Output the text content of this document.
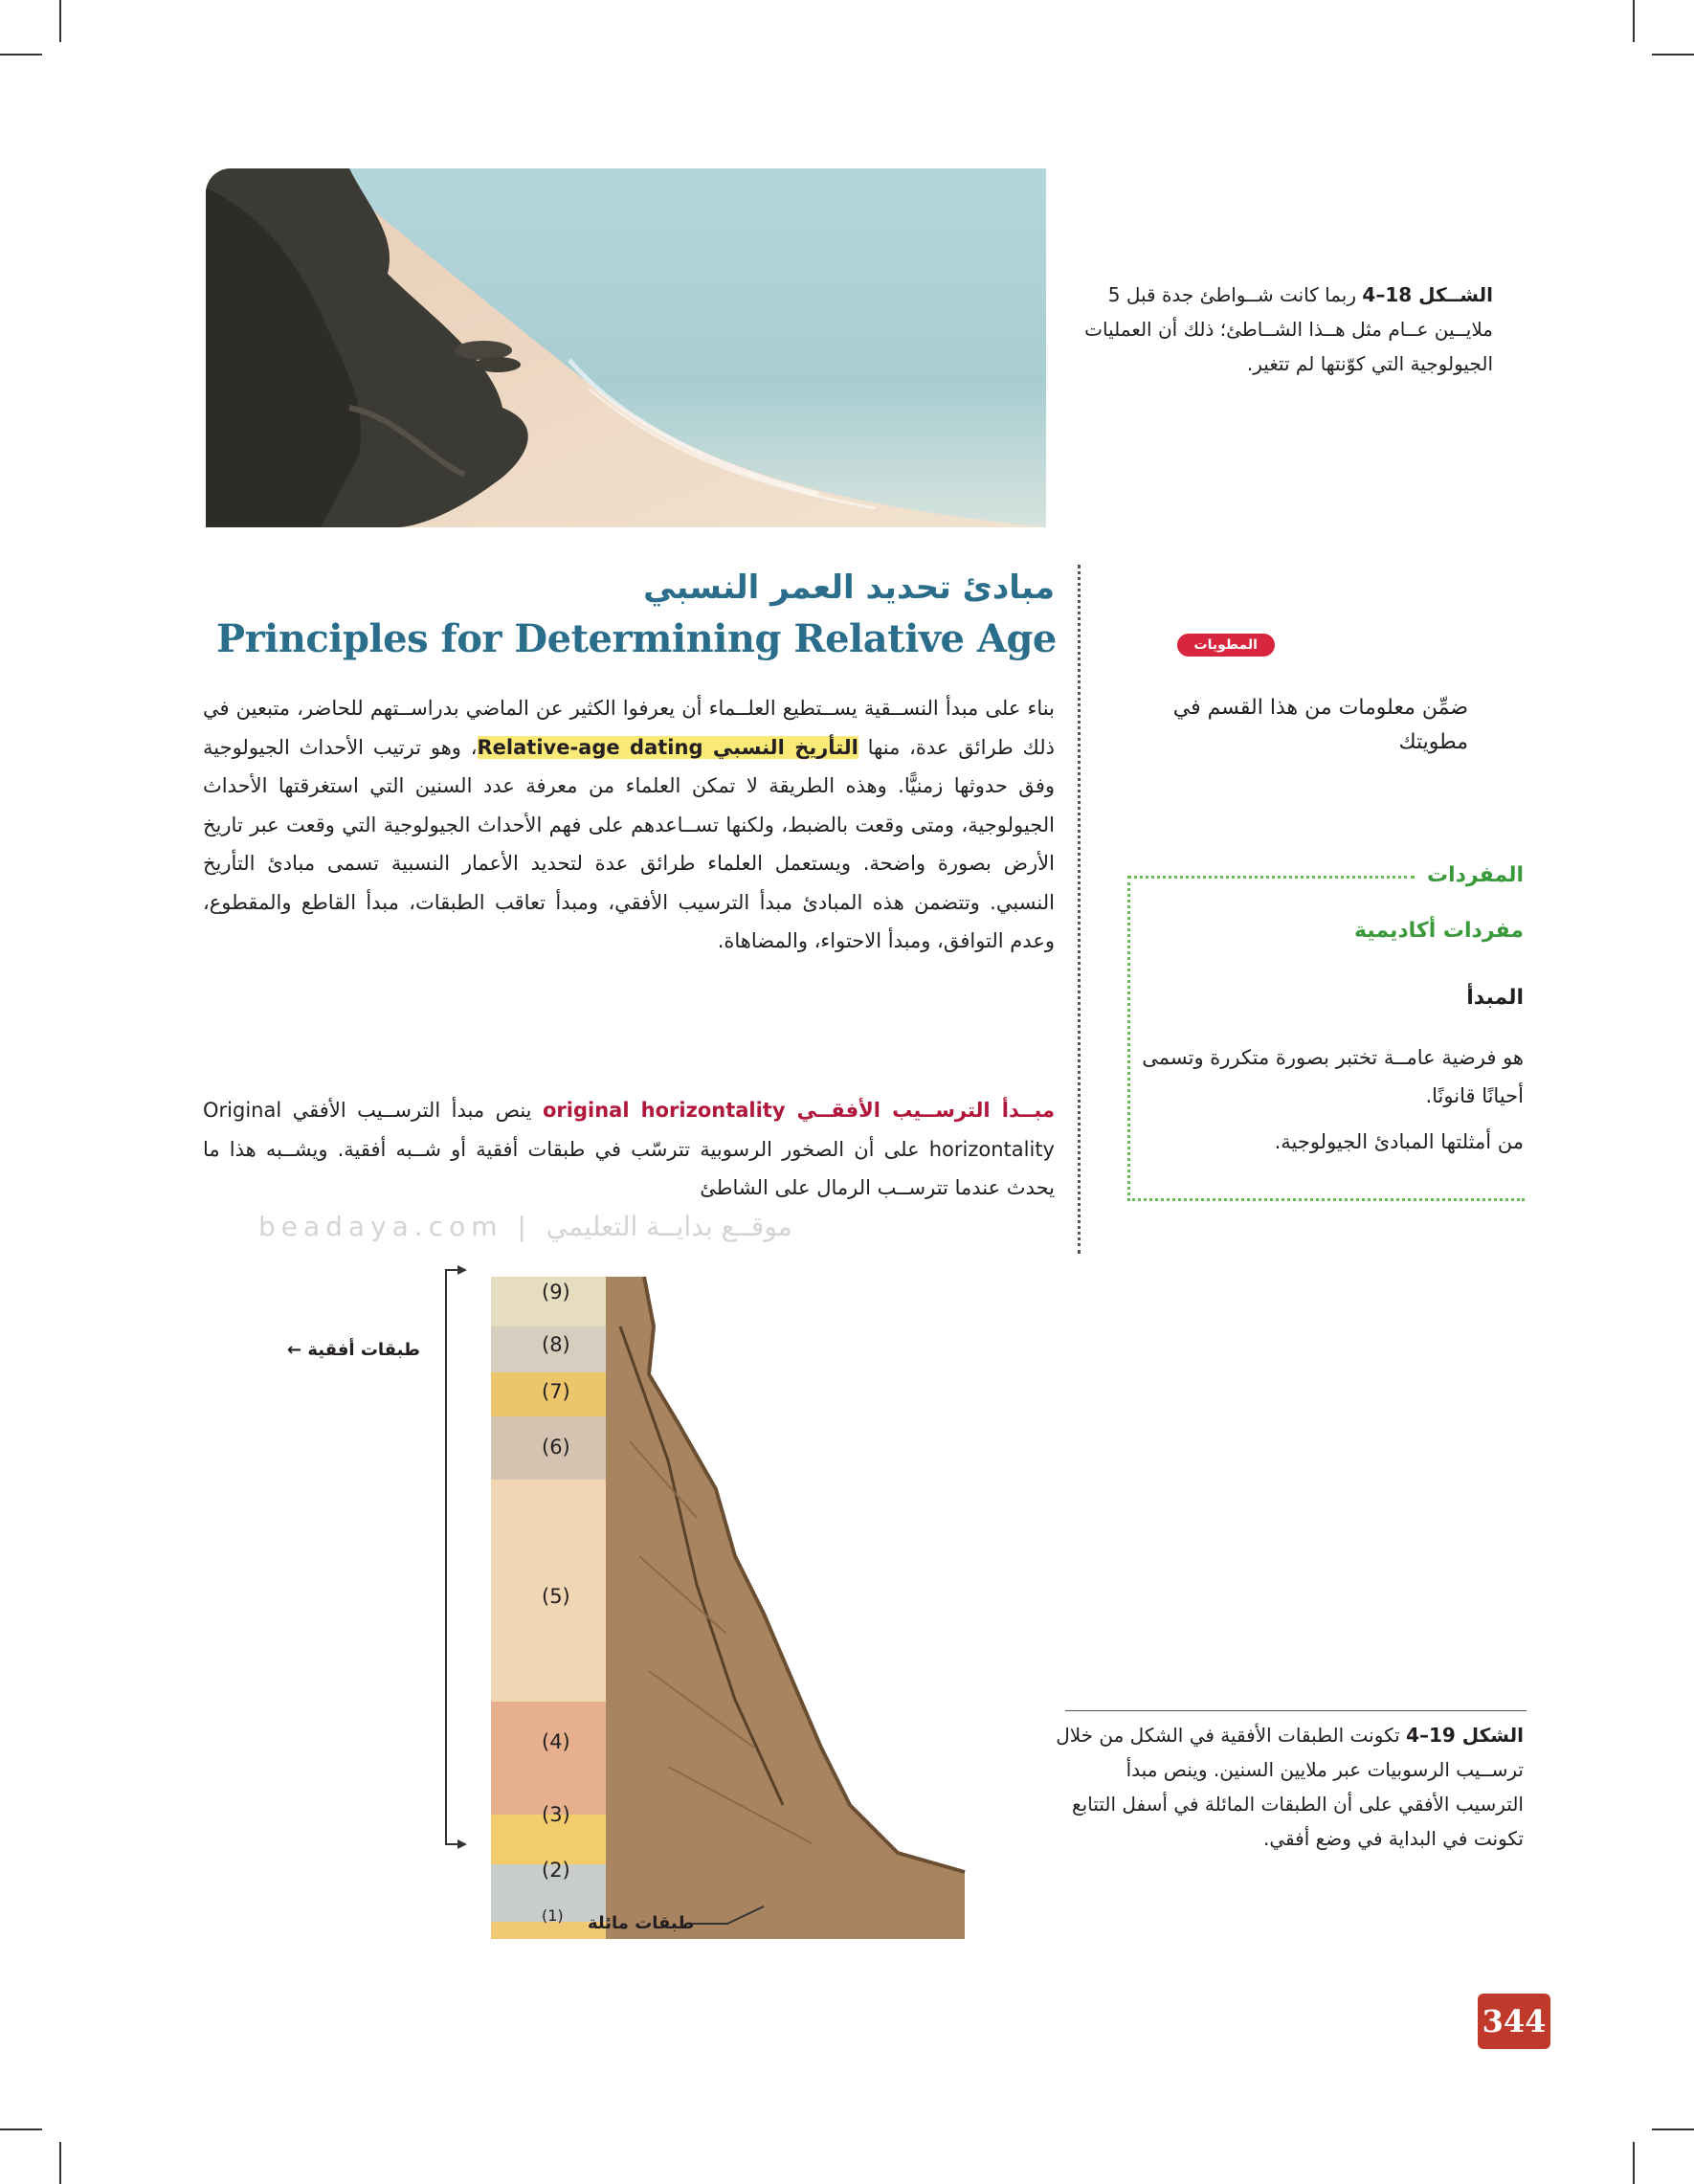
الشــكل 18–4 ربما كانت شــواطئ جدة قبل 5 ملايــين عــام مثل هــذا الشــاطئ؛ ذلك أن العمليات الجيولوجية التي كوّنتها لم تتغير.
مبادئ تحديد العمر النسبي
Principles for Determining Relative Age
بناء على مبدأ النســقية يســتطيع العلــماء أن يعرفوا الكثير عن الماضي بدراســتهم للحاضر، متبعين في ذلك طرائق عدة، منها التأريخ النسبي Relative-age dating، وهو ترتيب الأحداث الجيولوجية وفق حدوثها زمنيًّا. وهذه الطريقة لا تمكن العلماء من معرفة عدد السنين التي استغرقتها الأحداث الجيولوجية، ومتى وقعت بالضبط، ولكنها تســاعدهم على فهم الأحداث الجيولوجية التي وقعت عبر تاريخ الأرض بصورة واضحة. ويستعمل العلماء طرائق عدة لتحديد الأعمار النسبية تسمى مبادئ التأريخ النسبي. وتتضمن هذه المبادئ مبدأ الترسيب الأفقي، ومبدأ تعاقب الطبقات، مبدأ القاطع والمقطوع، وعدم التوافق، ومبدأ الاحتواء، والمضاهاة.
مبــدأ الترســيب الأفقــي original horizontality ينص مبدأ الترســيب الأفقي Original horizontality على أن الصخور الرسوبية تترسّب في طبقات أفقية أو شــبه أفقية. ويشــبه هذا ما يحدث عندما تترســب الرمال على الشاطئ
beadaya.com | موقــع بدايــة التعليمي
المطويات
ضمِّن معلومات من هذا القسم في مطويتك
المفردات
مفردات أكاديمية
المبدأ
هو فرضية عامــة تختبر بصورة متكررة وتسمى أحيانًا قانونًا.
من أمثلتها المبادئ الجيولوجية.
طبقات أفقية ←
(9)
(8)
(7)
(6)
(5)
(4)
(3)
(2)
(1) طبقات مائلة
الشكل 19–4 تكونت الطبقات الأفقية في الشكل من خلال ترســيب الرسوبيات عبر ملايين السنين. وينص مبدأ الترسيب الأفقي على أن الطبقات المائلة في أسفل التتابع تكونت في البداية في وضع أفقي.
344
